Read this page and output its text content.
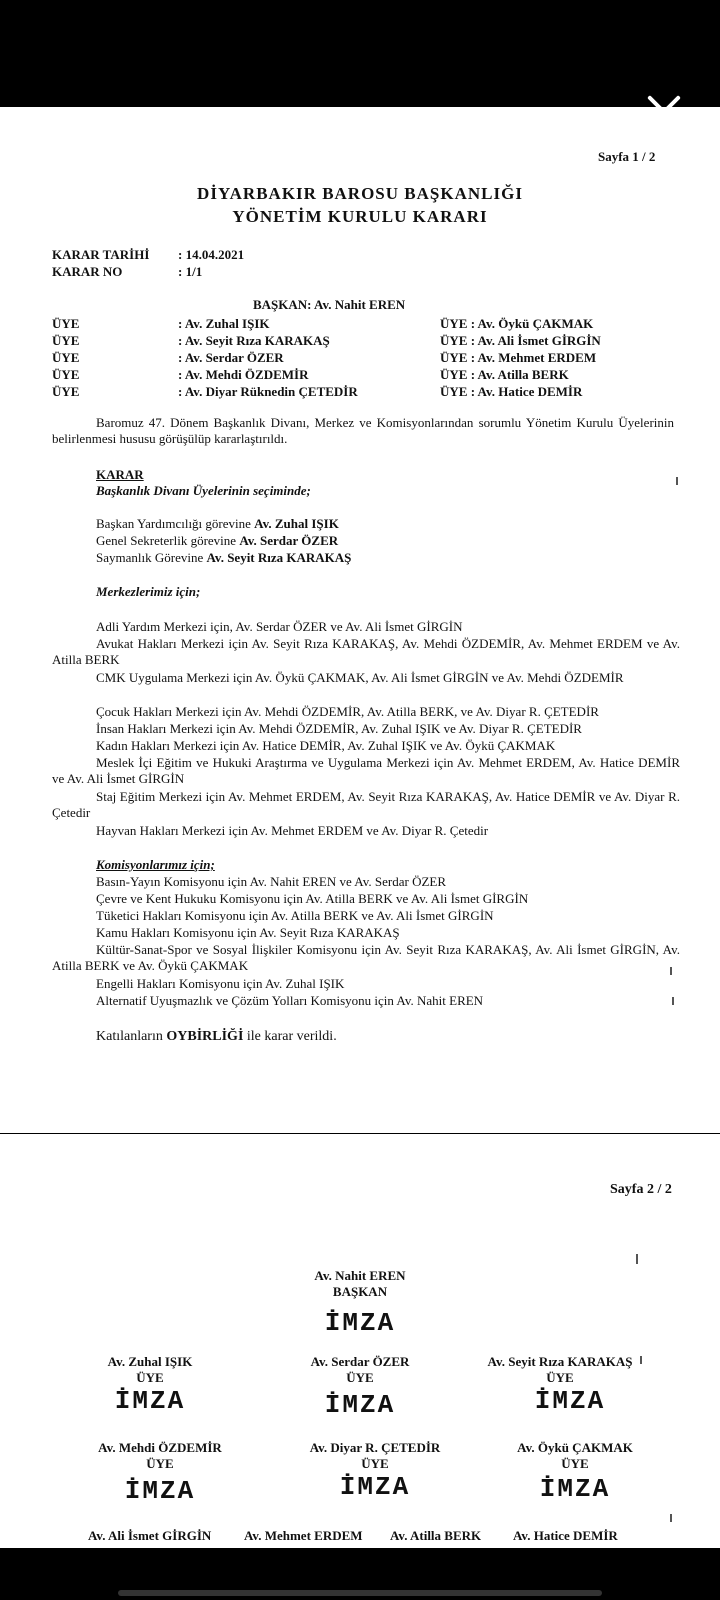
Sayfa 1 / 2
DİYARBAKIR BAROSU BAŞKANLIĞI
YÖNETİM KURULU KARARI
KARAR TARİHİ : 14.04.2021
KARAR NO	: 1/1
BAŞKAN: Av. Nahit EREN
ÜYE	: Av. Zuhal IŞIK	ÜYE : Av. Öykü ÇAKMAK
ÜYE	: Av. Seyit Rıza KARAKAŞ	ÜYE : Av. Ali İsmet GİRGİN
ÜYE	: Av. Serdar ÖZER	ÜYE : Av. Mehmet ERDEM
ÜYE	: Av. Mehdi ÖZDEMİR	ÜYE : Av. Atilla BERK
ÜYE	: Av. Diyar Rüknedin ÇETEDİR	ÜYE : Av. Hatice DEMİR
Baromuz 47. Dönem Başkanlık Divanı, Merkez ve Komisyonlarından sorumlu Yönetim Kurulu Üyelerinin belirlenmesi hususu görüşülüp kararlaştırıldı.
KARAR
Başkanlık Divanı Üyelerinin seçiminde;
Başkan Yardımcılığı görevine Av. Zuhal IŞIK
Genel Sekreterlik görevine Av. Serdar ÖZER
Saymanlık Görevine Av. Seyit Rıza KARAKAŞ
Merkezlerimiz için;
Adli Yardım Merkezi için, Av. Serdar ÖZER ve Av. Ali İsmet GİRGİN
Avukat Hakları Merkezi için Av. Seyit Rıza KARAKAŞ, Av. Mehdi ÖZDEMİR, Av. Mehmet ERDEM ve Av. Atilla BERK
CMK Uygulama Merkezi için Av. Öykü ÇAKMAK, Av. Ali İsmet GİRGİN ve Av. Mehdi ÖZDEMİR
Çocuk Hakları Merkezi için Av. Mehdi ÖZDEMİR, Av. Atilla BERK, ve Av. Diyar R. ÇETEDİR
İnsan Hakları Merkezi için Av. Mehdi ÖZDEMİR, Av. Zuhal IŞIK ve Av. Diyar R. ÇETEDİR
Kadın Hakları Merkezi için Av. Hatice DEMİR, Av. Zuhal IŞIK ve Av. Öykü ÇAKMAK
Meslek İçi Eğitim ve Hukuki Araştırma ve Uygulama Merkezi için Av. Mehmet ERDEM, Av. Hatice DEMİR ve Av. Ali İsmet GİRGİN
Staj Eğitim Merkezi için Av. Mehmet ERDEM, Av. Seyit Rıza KARAKAŞ, Av. Hatice DEMİR ve Av. Diyar R. Çetedir
Hayvan Hakları Merkezi için Av. Mehmet ERDEM ve Av. Diyar R. Çetedir
Komisyonlarımız için;
Basın-Yayın Komisyonu için Av. Nahit EREN ve Av. Serdar ÖZER
Çevre ve Kent Hukuku Komisyonu için Av. Atilla BERK ve Av. Ali İsmet GİRGİN
Tüketici Hakları Komisyonu için Av. Atilla BERK ve Av. Ali İsmet GİRGİN
Kamu Hakları Komisyonu için Av. Seyit Rıza KARAKAŞ
Kültür-Sanat-Spor ve Sosyal İlişkiler Komisyonu için Av. Seyit Rıza KARAKAŞ, Av. Ali İsmet GİRGİN, Av. Atilla BERK ve Av. Öykü ÇAKMAK
Engelli Hakları Komisyonu için Av. Zuhal IŞIK
Alternatif Uyuşmazlık ve Çözüm Yolları Komisyonu için Av. Nahit EREN
Katılanların OYBİRLİĞİ ile karar verildi.
Sayfa 2 / 2
Av. Nahit EREN
BAŞKAN
İMZA
Av. Zuhal IŞIK
ÜYE
İMZA
Av. Serdar ÖZER
ÜYE
İMZA
Av. Seyit Rıza KARAKAŞ
ÜYE
İMZA
Av. Mehdi ÖZDEMİR
ÜYE
İMZA
Av. Diyar R. ÇETEDİR
ÜYE
İMZA
Av. Öykü ÇAKMAK
ÜYE
İMZA
Av. Ali İsmet GİRGİN	Av. Mehmet ERDEM	Av. Atilla BERK	Av. Hatice DEMİR
